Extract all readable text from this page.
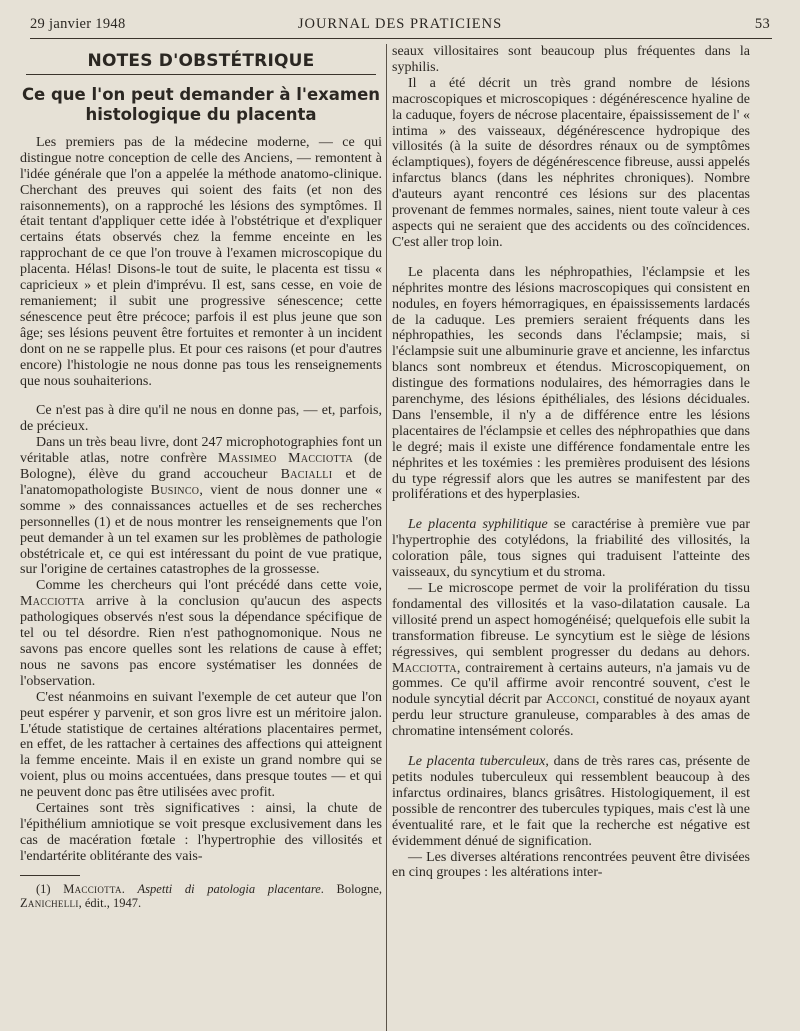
29 janvier 1948	JOURNAL DES PRATICIENS	53
NOTES D'OBSTÉTRIQUE
Ce que l'on peut demander à l'examen histologique du placenta

Les premiers pas de la médecine moderne, — ce qui distingue notre conception de celle des Anciens, — remontent à l'idée générale que l'on a appelée la méthode anatomo-clinique. Cherchant des preuves qui soient des faits (et non des raisonnements), on a rapproché les lésions des symptômes. Il était tentant d'appliquer cette idée à l'obstétrique et d'expliquer certains états observés chez la femme enceinte en les rapprochant de ce que l'on trouve à l'examen microscopique du placenta. Hélas! Disons-le tout de suite, le placenta est tissu « capricieux » et plein d'imprévu. Il est, sans cesse, en voie de remaniement; il subit une progressive sénescence; cette sénescence peut être précoce; parfois il est plus jeune que son âge; ses lésions peuvent être fortuites et remonter à un incident dont on ne se rappelle plus. Et pour ces raisons (et pour d'autres encore) l'histologie ne nous donne pas tous les renseignements que nous souhaiterions.

Ce n'est pas à dire qu'il ne nous en donne pas, — et, parfois, de précieux.

Dans un très beau livre, dont 247 microphotographies font un véritable atlas, notre confrère Massimeo Macciotta (de Bologne), élève du grand accoucheur Bacialli et de l'anatomopathologiste Businco, vient de nous donner une « somme » des connaissances actuelles et de ses recherches personnelles (1) et de nous montrer les renseignements que l'on peut demander à un tel examen sur les problèmes de pathologie obstétricale et, ce qui est intéressant du point de vue pratique, sur l'origine de certaines catastrophes de la grossesse.

Comme les chercheurs qui l'ont précédé dans cette voie, Macciotta arrive à la conclusion qu'aucun des aspects pathologiques observés n'est sous la dépendance spécifique de tel ou tel désordre. Rien n'est pathognomonique. Nous ne savons pas encore quelles sont les relations de cause à effet; nous ne savons pas encore systématiser les données de l'observation.

C'est néanmoins en suivant l'exemple de cet auteur que l'on peut espérer y parvenir, et son gros livre est un méritoire jalon. L'étude statistique de certaines altérations placentaires permet, en effet, de les rattacher à certaines des affections qui atteignent la femme enceinte. Mais il en existe un grand nombre qui se voient, plus ou moins accentuées, dans presque toutes — et qui ne peuvent donc pas être utilisées avec profit.

Certaines sont très significatives : ainsi, la chute de l'épithélium amniotique se voit presque exclusivement dans les cas de macération fœtale : l'hypertrophie des villosités et l'endartérite oblitérante des vais-

(1) Macciotta. Aspetti di patologia placentare. Bologne, Zanichelli, édit., 1947.

seaux villositaires sont beaucoup plus fréquentes dans la syphilis.

Il a été décrit un très grand nombre de lésions macroscopiques et microscopiques : dégénérescence hyaline de la caduque, foyers de nécrose placentaire, épaississement de l' « intima » des vaisseaux, dégénérescence hydropique des villosités (à la suite de désordres rénaux ou de symptômes éclamptiques), foyers de dégénérescence fibreuse, aussi appelés infarctus blancs (dans les néphrites chroniques). Nombre d'auteurs ayant rencontré ces lésions sur des placentas provenant de femmes normales, saines, nient toute valeur à ces aspects qui ne seraient que des accidents ou des coïncidences. C'est aller trop loin.

Le placenta dans les néphropathies, l'éclampsie et les néphrites montre des lésions macroscopiques qui consistent en nodules, en foyers hémorragiques, en épaississements lardacés de la caduque. Les premiers seraient fréquents dans les néphropathies, les seconds dans l'éclampsie; mais, si l'éclampsie suit une albuminurie grave et ancienne, les infarctus blancs sont nombreux et étendus. Microscopiquement, on distingue des formations nodulaires, des hémorragies dans le parenchyme, des lésions épithéliales, des lésions déciduales. Dans l'ensemble, il n'y a de différence entre les lésions placentaires de l'éclampsie et celles des néphropathies que dans le degré; mais il existe une différence fondamentale entre les néphrites et les toxémies : les premières produisent des lésions du type régressif alors que les autres se manifestent par des proliférations et des hyperplasies.

Le placenta syphilitique se caractérise à première vue par l'hypertrophie des cotylédons, la friabilité des villosités, la coloration pâle, tous signes qui traduisent l'atteinte des vaisseaux, du syncytium et du stroma.

— Le microscope permet de voir la prolifération du tissu fondamental des villosités et la vaso-dilatation causale. La villosité prend un aspect homogénéisé; quelquefois elle subit la transformation fibreuse. Le syncytium est le siège de lésions régressives, qui semblent progresser du dedans au dehors. Macciotta, contrairement à certains auteurs, n'a jamais vu de gommes. Ce qu'il affirme avoir rencontré souvent, c'est le nodule syncytial décrit par Acconci, constitué de noyaux ayant perdu leur structure granuleuse, comparables à des amas de chromatine intensément colorés.

Le placenta tuberculeux, dans de très rares cas, présente de petits nodules tuberculeux qui ressemblent beaucoup à des infarctus ordinaires, blancs grisâtres. Histologiquement, il est possible de rencontrer des tubercules typiques, mais c'est là une éventualité rare, et le fait que la recherche est négative est évidemment dénué de signification.

— Les diverses altérations rencontrées peuvent être divisées en cinq groupes : les altérations inter-
